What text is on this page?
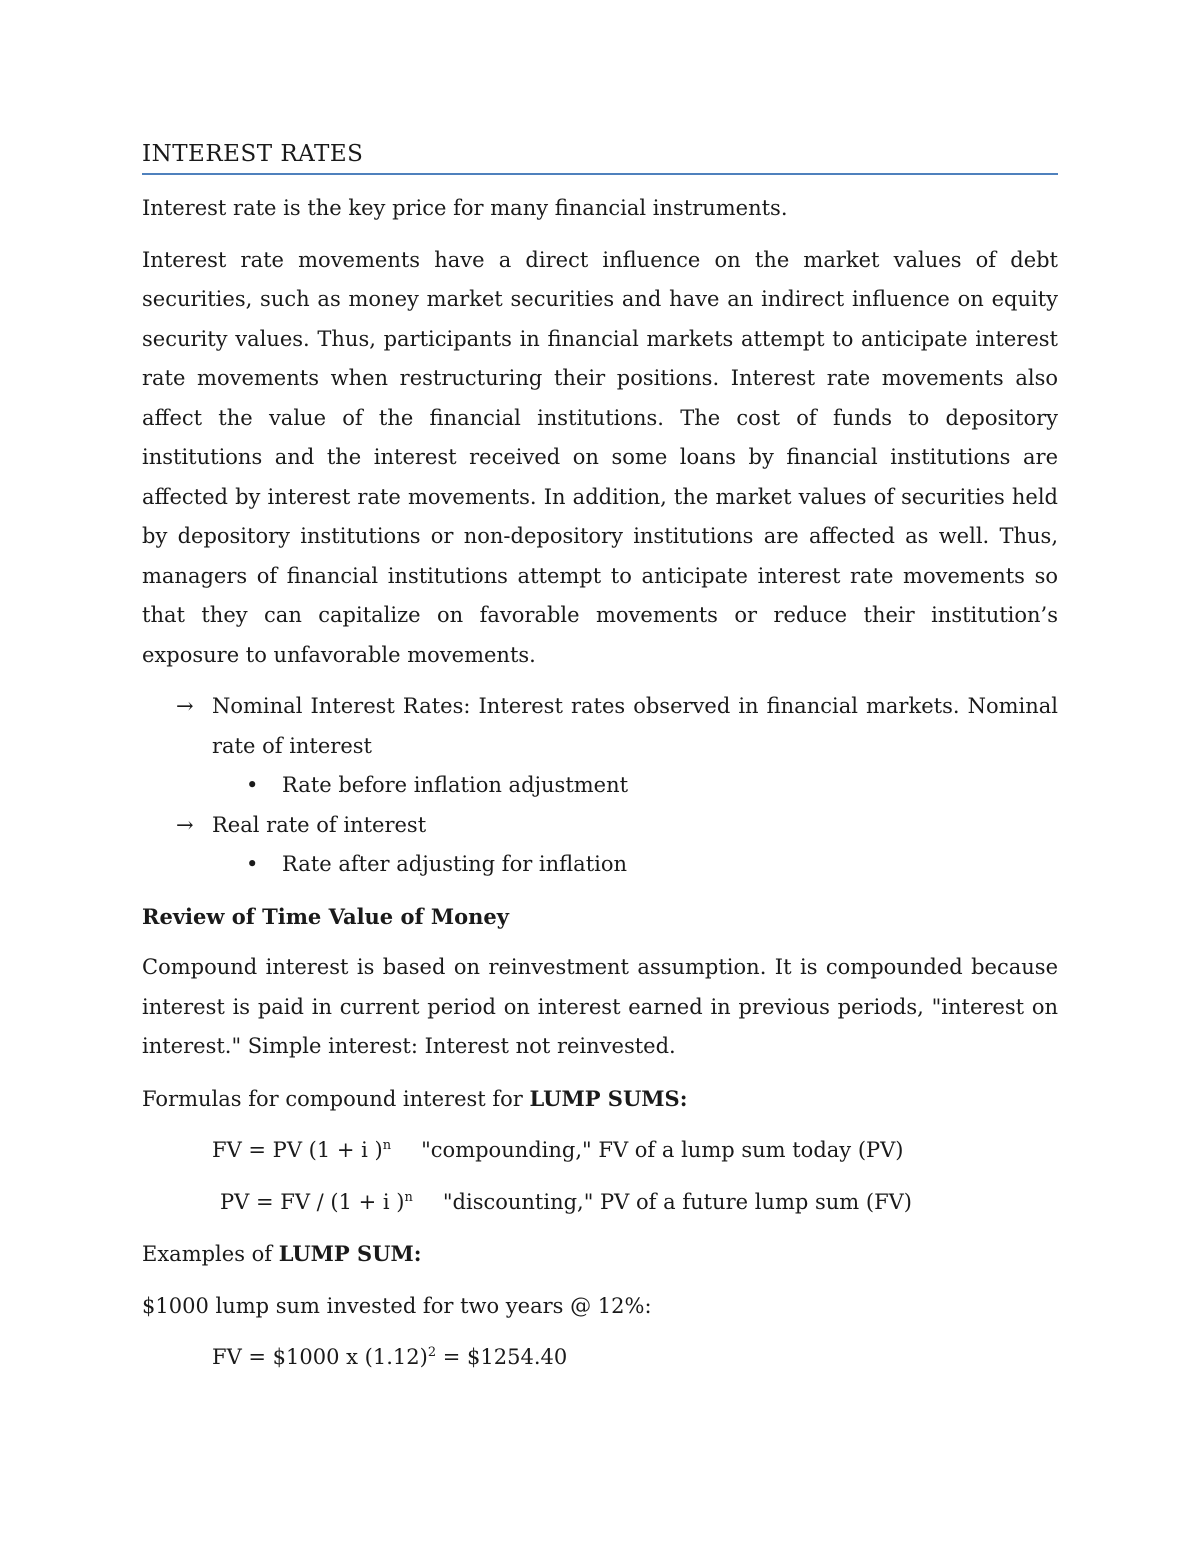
INTEREST RATES

Interest rate is the key price for many financial instruments.

Interest rate movements have a direct influence on the market values of debt securities, such as money market securities and have an indirect influence on equity security values. Thus, participants in financial markets attempt to anticipate interest rate movements when restructuring their positions. Interest rate movements also affect the value of the financial institutions. The cost of funds to depository institutions and the interest received on some loans by financial institutions are affected by interest rate movements. In addition, the market values of securities held by depository institutions or non-depository institutions are affected as well. Thus, managers of financial institutions attempt to anticipate interest rate movements so that they can capitalize on favorable movements or reduce their institution’s exposure to unfavorable movements.

→ Nominal Interest Rates: Interest rates observed in financial markets. Nominal rate of interest
• Rate before inflation adjustment
→ Real rate of interest
• Rate after adjusting for inflation
Review of Time Value of Money

Compound interest is based on reinvestment assumption. It is compounded because interest is paid in current period on interest earned in previous periods, "interest on interest." Simple interest: Interest not reinvested.

Formulas for compound interest for LUMP SUMS:

FV = PV (1 + i )$^n$ "compounding," FV of a lump sum today (PV)
PV = FV / (1 + i )$^n$ "discounting," PV of a future lump sum (FV)

Examples of LUMP SUM:

$1000 lump sum invested for two years @ 12%:

FV = $1000 x $(1.12)^2$ = $1254.40
